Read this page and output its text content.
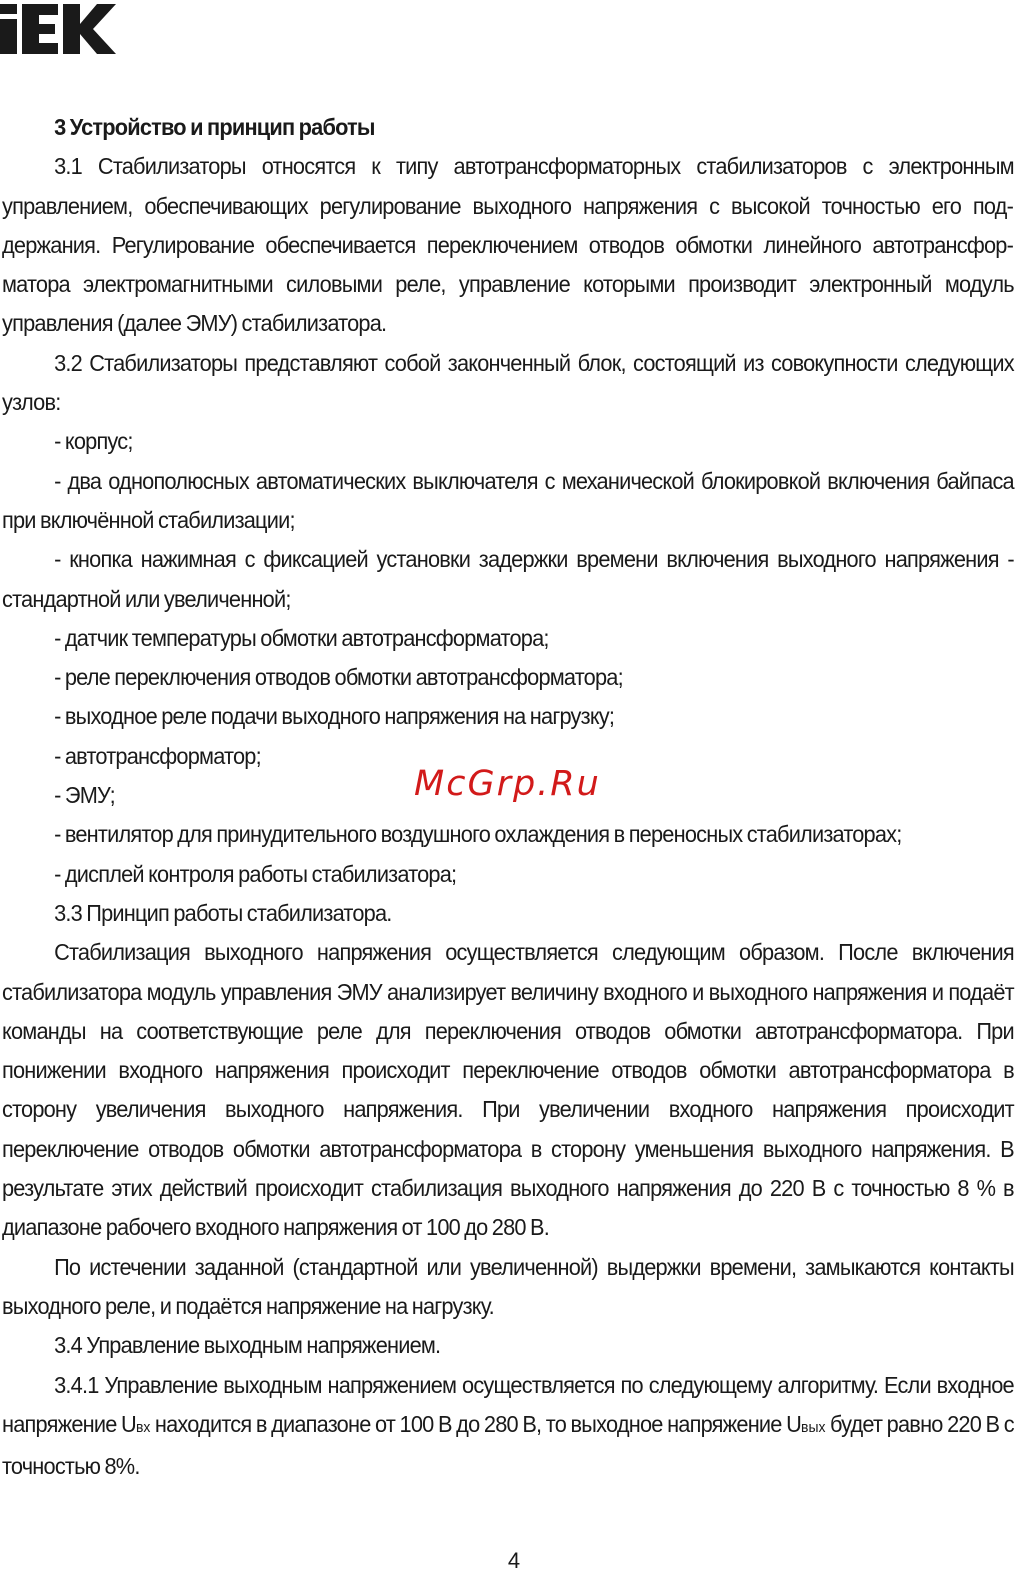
3 Устройство и принцип работы

3.1 Стабилизаторы относятся к типу автотрансформаторных стабилизаторов с электронным управлением, обеспечивающих регулирование выходного напряжения с высокой точностью его поддержания. Регулирование обеспечивается переключением отводов обмотки линейного автотрансформатора электромагнитными силовыми реле, управление которыми производит электронный модуль управления (далее ЭМУ) стабилизатора.

3.2 Стабилизаторы представляют собой законченный блок, состоящий из совокупности следующих узлов:

- корпус;

- два однополюсных автоматических выключателя с механической блокировкой включения байпаса при включённой стабилизации;

- кнопка нажимная с фиксацией установки задержки времени включения выходного напряжения - стандартной или увеличенной;

- датчик температуры обмотки автотрансформатора;

- реле переключения отводов обмотки автотрансформатора;

- выходное реле подачи выходного напряжения на нагрузку;

- автотрансформатор;

- ЭМУ;

- вентилятор для принудительного воздушного охлаждения в переносных стабилизаторах;

- дисплей контроля работы стабилизатора;

3.3 Принцип работы стабилизатора.

Стабилизация выходного напряжения осуществляется следующим образом. После включения стабилизатора модуль управления ЭМУ анализирует величину входного и выходного напряжения и подаёт команды на соответствующие реле для переключения отводов обмотки автотрансформатора. При понижении входного напряжения происходит переключение отводов обмотки автотрансформатора в сторону увеличения выходного напряжения. При увеличении входного напряжения происходит переключение отводов обмотки автотрансформатора в сторону уменьшения выходного напряжения. В результате этих действий происходит стабилизация выходного напряжения до 220 В с точностью 8 % в диапазоне рабочего входного напряжения от 100 до 280 В.

По истечении заданной (стандартной или увеличенной) выдержки времени, замыкаются контакты выходного реле, и подаётся напряжение на нагрузку.

3.4 Управление выходным напряжением.

3.4.1 Управление выходным напряжением осуществляется по следующему алгоритму. Если входное напряжение Uвх находится в диапазоне от 100 В до 280 В, то выходное напряжение Uвых будет равно 220 В с точностью 8%.

McGrp.Ru
4
